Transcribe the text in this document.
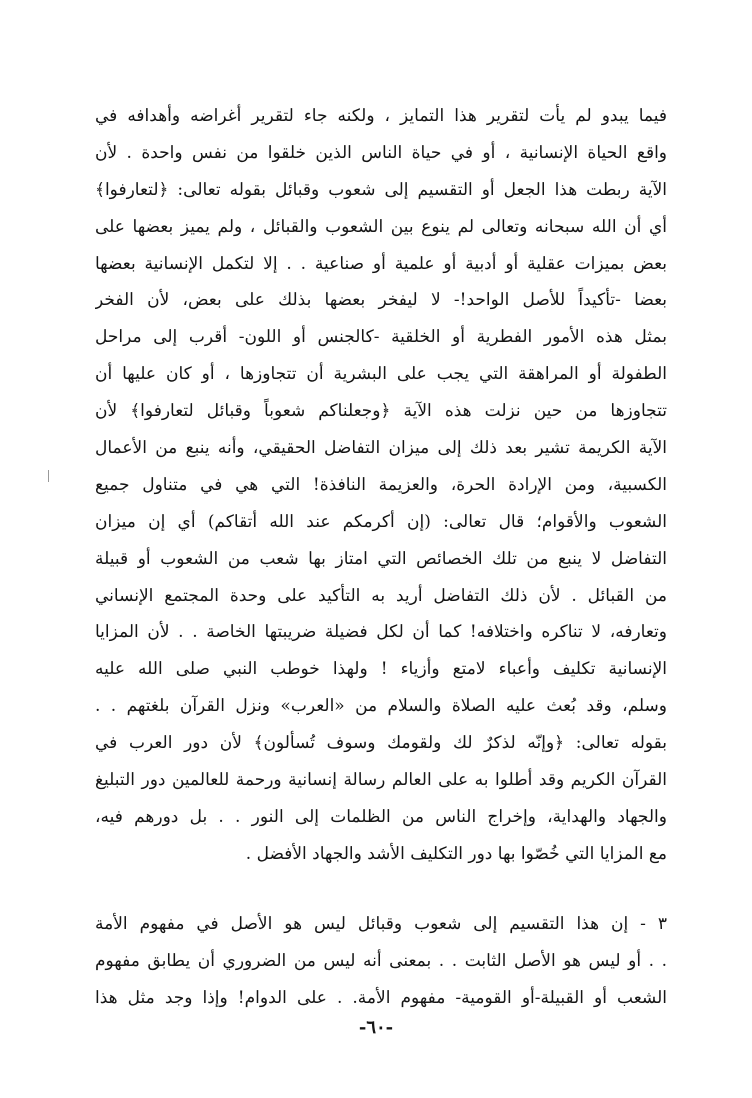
فيما يبدو لم يأت لتقرير هذا التمايز ، ولكنه جاء لتقرير أغراضه وأهدافه في
واقع الحياة الإنسانية ، أو في حياة الناس الذين خلقوا من نفس واحدة . لأن
الآية ربطت هذا الجعل أو التقسيم إلى شعوب وقبائل بقوله تعالى: ﴿لتعارفوا﴾
أي أن الله سبحانه وتعالى لم ينوع بين الشعوب والقبائل ، ولم يميز بعضها على
بعض بميزات عقلية أو أدبية أو علمية أو صناعية . . إلا لتكمل الإنسانية بعضها
بعضا -تأكيداً للأصل الواحد!- لا ليفخر بعضها بذلك على بعض، لأن الفخر
بمثل هذه الأمور الفطرية أو الخلقية -كالجنس أو اللون- أقرب إلى مراحل
الطفولة أو المراهقة التي يجب على البشرية أن تتجاوزها ، أو كان عليها أن
تتجاوزها من حين نزلت هذه الآية ﴿وجعلناكم شعوباً وقبائل لتعارفوا﴾ لأن
الآية الكريمة تشير بعد ذلك إلى ميزان التفاضل الحقيقي، وأنه ينبع من الأعمال
الكسبية، ومن الإرادة الحرة، والعزيمة النافذة! التي هي في متناول جميع
الشعوب والأقوام؛ قال تعالى: (إن أكرمكم عند الله أتقاكم) أي إن ميزان
التفاضل لا ينبع من تلك الخصائص التي امتاز بها شعب من الشعوب أو قبيلة
من القبائل . لأن ذلك التفاضل أريد به التأكيد على وحدة المجتمع الإنساني
وتعارفه، لا تناكره واختلافه! كما أن لكل فضيلة ضريبتها الخاصة . . لأن المزايا
الإنسانية تكليف وأعباء لامتع وأزياء ! ولهذا خوطب النبي صلى الله عليه
وسلم، وقد بُعث عليه الصلاة والسلام من «العرب» ونزل القرآن بلغتهم . .
بقوله تعالى: ﴿وإنّه لذكرٌ لك ولقومك وسوف تُسألون﴾ لأن دور العرب في
القرآن الكريم وقد أطلوا به على العالم رسالة إنسانية ورحمة للعالمين دور التبليغ
والجهاد والهداية، وإخراج الناس من الظلمات إلى النور . . بل دورهم فيه،
مع المزايا التي خُصّوا بها دور التكليف الأشد والجهاد الأفضل .
٣ - إن هذا التقسيم إلى شعوب وقبائل ليس هو الأصل في مفهوم الأمة
. . أو ليس هو الأصل الثابت . . بمعنى أنه ليس من الضروري أن يطابق مفهوم
الشعب أو القبيلة-أو القومية- مفهوم الأمة. . على الدوام! وإذا وجد مثل هذا
-٦٠-
